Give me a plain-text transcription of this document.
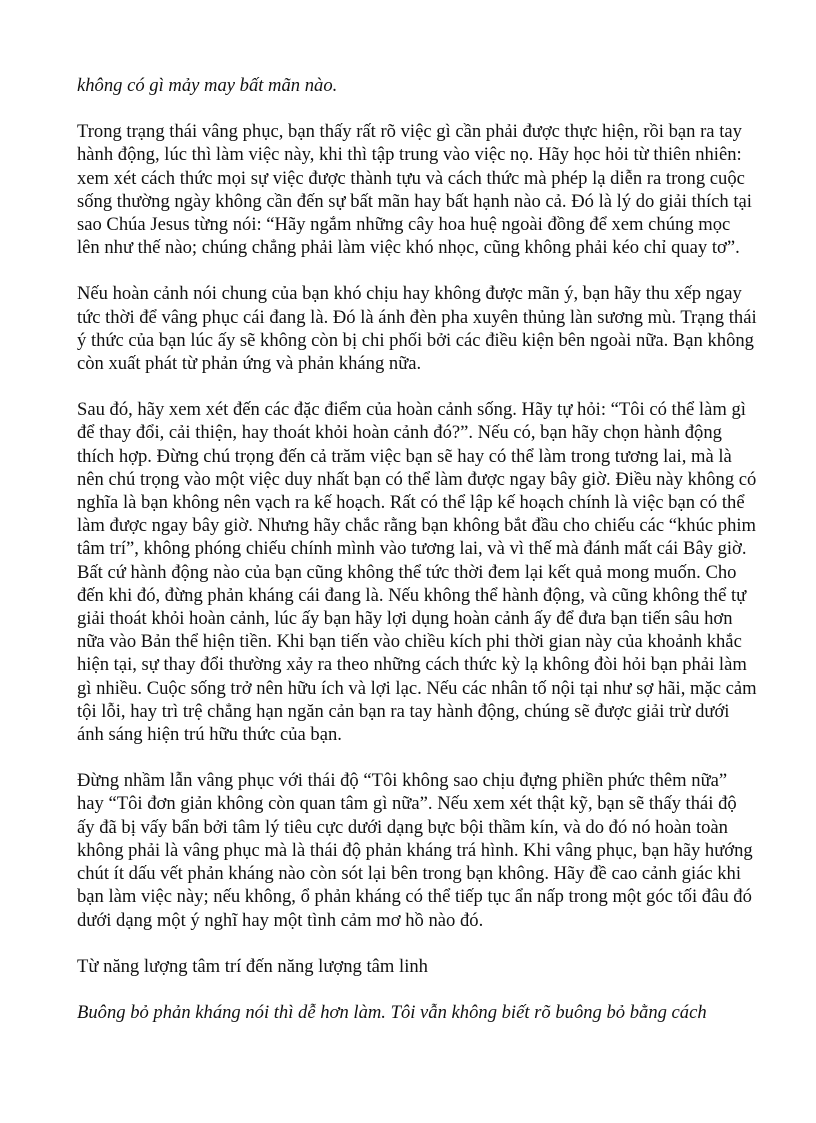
không có gì mảy may bất mãn nào.

Trong trạng thái vâng phục, bạn thấy rất rõ việc gì cần phải được thực hiện, rồi bạn ra tay hành động, lúc thì làm việc này, khi thì tập trung vào việc nọ. Hãy học hỏi từ thiên nhiên: xem xét cách thức mọi sự việc được thành tựu và cách thức mà phép lạ diễn ra trong cuộc sống thường ngày không cần đến sự bất mãn hay bất hạnh nào cả. Đó là lý do giải thích tại sao Chúa Jesus từng nói: “Hãy ngắm những cây hoa huệ ngoài đồng để xem chúng mọc lên như thế nào; chúng chẳng phải làm việc khó nhọc, cũng không phải kéo chỉ quay tơ”.

Nếu hoàn cảnh nói chung của bạn khó chịu hay không được mãn ý, bạn hãy thu xếp ngay tức thời để vâng phục cái đang là. Đó là ánh đèn pha xuyên thủng làn sương mù. Trạng thái ý thức của bạn lúc ấy sẽ không còn bị chi phối bởi các điều kiện bên ngoài nữa. Bạn không còn xuất phát từ phản ứng và phản kháng nữa.

Sau đó, hãy xem xét đến các đặc điểm của hoàn cảnh sống. Hãy tự hỏi: “Tôi có thể làm gì để thay đổi, cải thiện, hay thoát khỏi hoàn cảnh đó?”. Nếu có, bạn hãy chọn hành động thích hợp. Đừng chú trọng đến cả trăm việc bạn sẽ hay có thể làm trong tương lai, mà là nên chú trọng vào một việc duy nhất bạn có thể làm được ngay bây giờ. Điều này không có nghĩa là bạn không nên vạch ra kế hoạch. Rất có thể lập kế hoạch chính là việc bạn có thể làm được ngay bây giờ. Nhưng hãy chắc rằng bạn không bắt đầu cho chiếu các “khúc phim tâm trí”, không phóng chiếu chính mình vào tương lai, và vì thế mà đánh mất cái Bây giờ. Bất cứ hành động nào của bạn cũng không thể tức thời đem lại kết quả mong muốn. Cho đến khi đó, đừng phản kháng cái đang là. Nếu không thể hành động, và cũng không thể tự giải thoát khỏi hoàn cảnh, lúc ấy bạn hãy lợi dụng hoàn cảnh ấy để đưa bạn tiến sâu hơn nữa vào Bản thể hiện tiền. Khi bạn tiến vào chiều kích phi thời gian này của khoảnh khắc hiện tại, sự thay đổi thường xảy ra theo những cách thức kỳ lạ không đòi hỏi bạn phải làm gì nhiều. Cuộc sống trở nên hữu ích và lợi lạc. Nếu các nhân tố nội tại như sợ hãi, mặc cảm tội lỗi, hay trì trệ chẳng hạn ngăn cản bạn ra tay hành động, chúng sẽ được giải trừ dưới ánh sáng hiện trú hữu thức của bạn.

Đừng nhầm lẫn vâng phục với thái độ “Tôi không sao chịu đựng phiền phức thêm nữa” hay “Tôi đơn giản không còn quan tâm gì nữa”. Nếu xem xét thật kỹ, bạn sẽ thấy thái độ ấy đã bị vấy bẩn bởi tâm lý tiêu cực dưới dạng bực bội thầm kín, và do đó nó hoàn toàn không phải là vâng phục mà là thái độ phản kháng trá hình. Khi vâng phục, bạn hãy hướng chút ít dấu vết phản kháng nào còn sót lại bên trong bạn không. Hãy đề cao cảnh giác khi bạn làm việc này; nếu không, ổ phản kháng có thể tiếp tục ẩn nấp trong một góc tối đâu đó dưới dạng một ý nghĩ hay một tình cảm mơ hồ nào đó.

Từ năng lượng tâm trí đến năng lượng tâm linh

Buông bỏ phản kháng nói thì dễ hơn làm. Tôi vẫn không biết rõ buông bỏ bằng cách
